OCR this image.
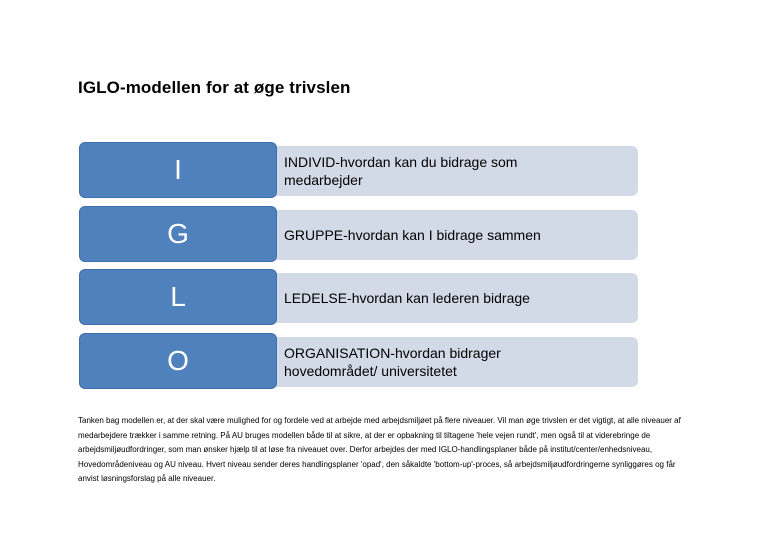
IGLO-modellen for at øge trivslen
I	INDIVID-hvordan kan du bidrage som medarbejder
G	GRUPPE-hvordan kan I bidrage sammen
L	LEDELSE-hvordan kan lederen bidrage
O	ORGANISATION-hvordan bidrager hovedområdet/ universitetet

Tanken bag modellen er, at der skal være mulighed for og fordele ved at arbejde med arbejdsmiljøet på flere niveauer. Vil man øge trivslen er det vigtigt, at alle niveauer af medarbejdere trækker i samme retning. På AU bruges modellen både til at sikre, at der er opbakning til tiltagene 'hele vejen rundt', men også til at viderebringe de arbejdsmiljøudfordringer, som man ønsker hjælp til at løse fra niveauet over. Derfor arbejdes der med IGLO-handlingsplaner både på institut/center/enhedsniveau, Hovedområdeniveau og AU niveau. Hvert niveau sender deres handlingsplaner 'opad', den såkaldte 'bottom-up'-proces, så arbejdsmiljøudfordringerne synliggøres og får anvist løsningsforslag på alle niveauer.
